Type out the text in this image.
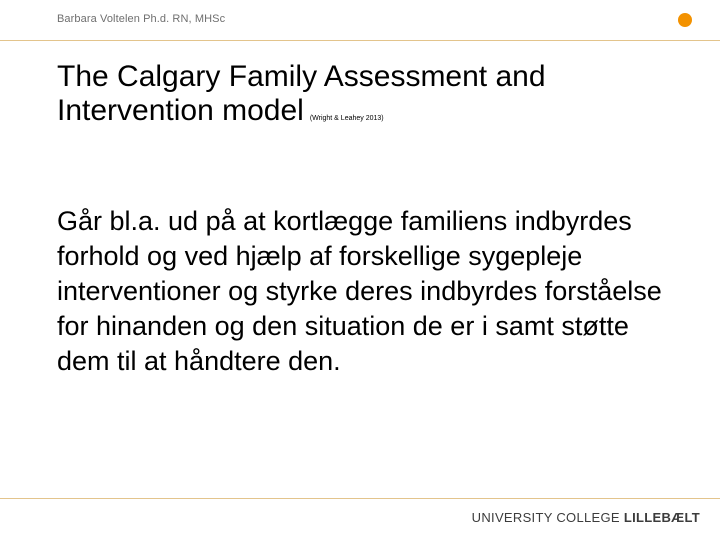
Barbara Voltelen Ph.d. RN, MHSc
The Calgary Family Assessment and Intervention model (Wright & Leahey 2013)

Går bl.a. ud på at kortlægge familiens indbyrdes forhold og ved hjælp af forskellige sygepleje interventioner og styrke deres indbyrdes forståelse for hinanden og den situation de er i samt støtte dem til at håndtere den.

UNIVERSITY COLLEGE LILLEBÆLT
